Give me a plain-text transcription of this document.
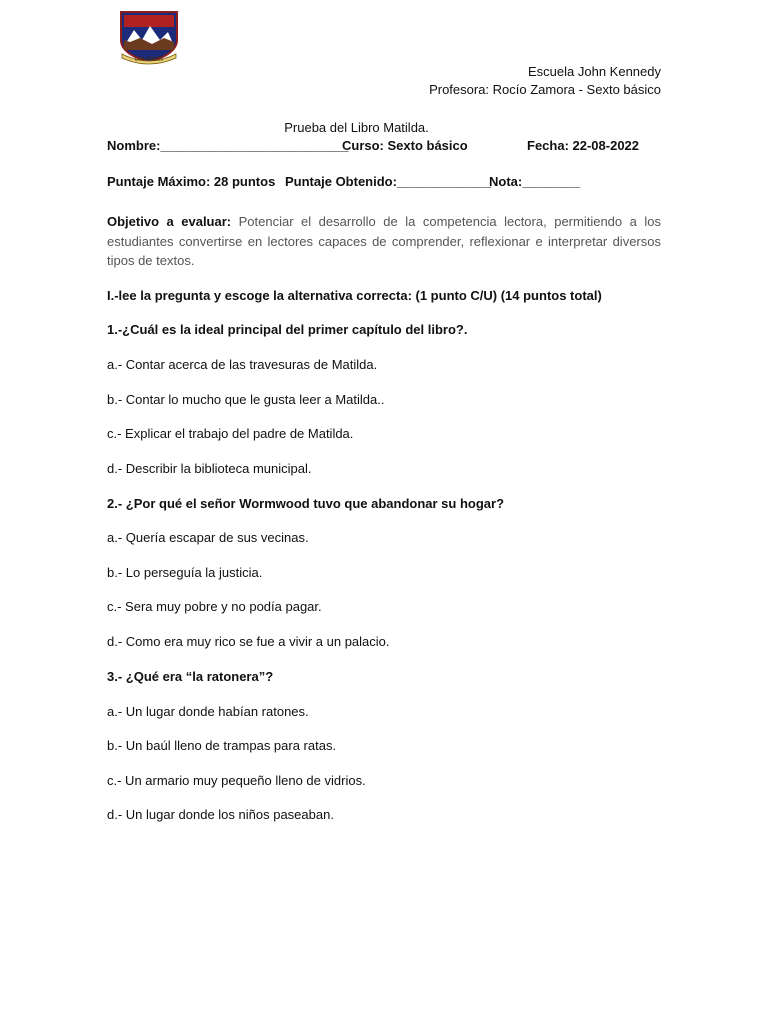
LOS ANGES
Escuela John Kennedy
Profesora: Rocío Zamora - Sexto básico
Prueba del Libro Matilda.
Nombre:__________________________
Curso: Sexto básico	Fecha: 22-08-2022
Puntaje Máximo: 28 puntos Puntaje Obtenido:_____________
Nota:________
Objetivo a evaluar: Potenciar el desarrollo de la competencia lectora, permitiendo a los estudiantes convertirse en lectores capaces de comprender, reflexionar e interpretar diversos tipos de textos.
I.-lee la pregunta y escoge la alternativa correcta: (1 punto C/U) (14 puntos total)
1.-¿Cuál es la ideal principal del primer capítulo del libro?.
a.- Contar acerca de las travesuras de Matilda.
b.- Contar lo mucho que le gusta leer a Matilda..
c.- Explicar el trabajo del padre de Matilda.
d.- Describir la biblioteca municipal.
2.- ¿Por qué el señor Wormwood tuvo que abandonar su hogar?
a.- Quería escapar de sus vecinas.
b.- Lo perseguía la justicia.
c.- Sera muy pobre y no podía pagar.
d.- Como era muy rico se fue a vivir a un palacio.
3.- ¿Qué era “la ratonera”?
a.- Un lugar donde habían ratones.
b.- Un baúl lleno de trampas para ratas.
c.- Un armario muy pequeño lleno de vidrios.
d.- Un lugar donde los niños paseaban.
